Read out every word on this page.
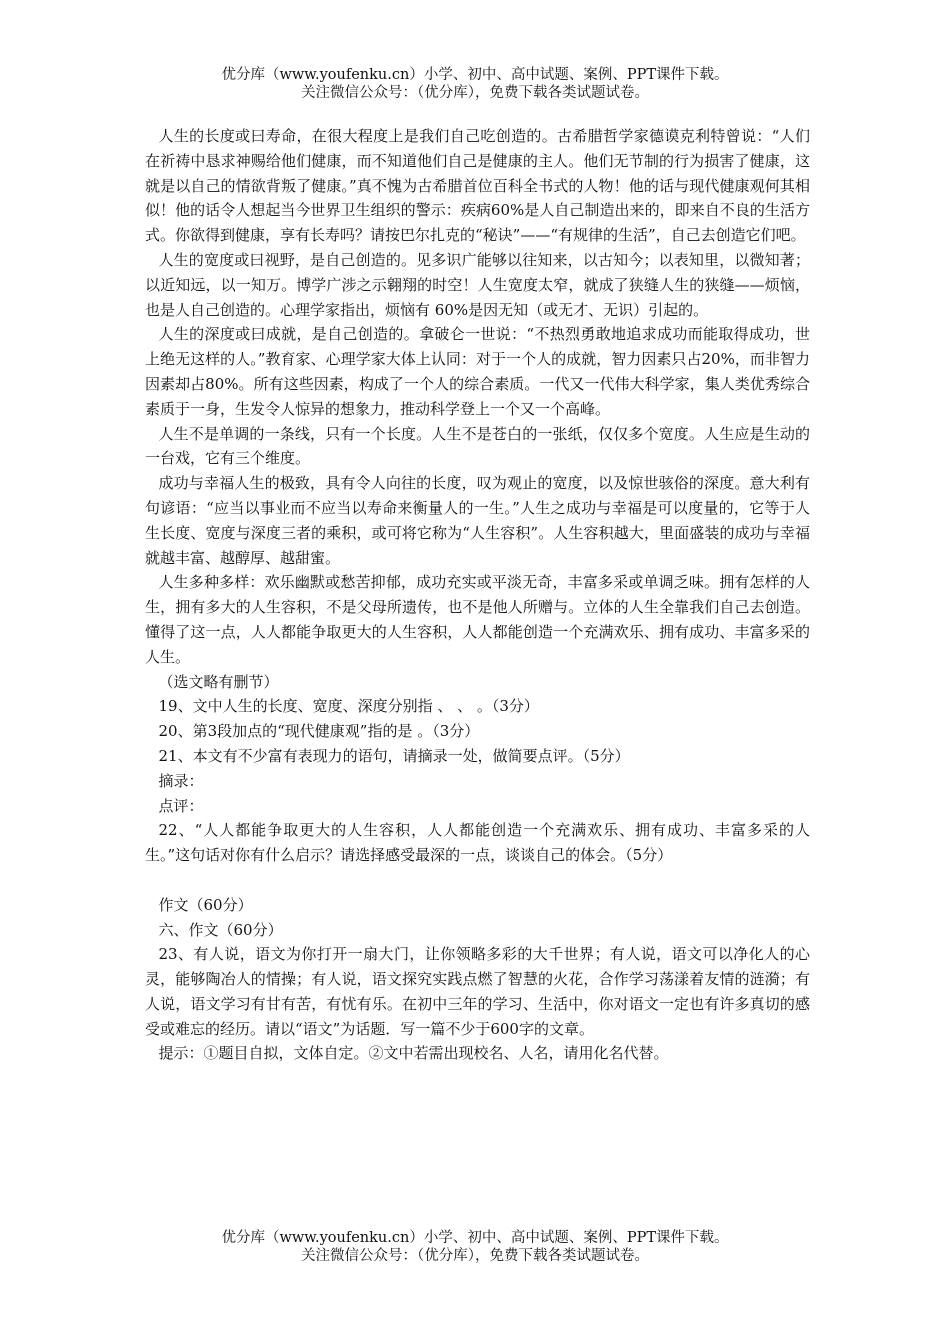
优分库（www.youfenku.cn）小学、初中、高中试题、案例、PPT课件下载。
关注微信公众号：（优分库），免费下载各类试题试卷。

人生的长度或曰寿命，在很大程度上是我们自己吃创造的。古希腊哲学家德谟克利特曾说：“人们在祈祷中恳求神赐给他们健康，而不知道他们自己是健康的主人。他们无节制的行为损害了健康，这就是以自己的情欲背叛了健康。”真不愧为古希腊首位百科全书式的人物！他的话与现代健康观何其相似！他的话令人想起当今世界卫生组织的警示：疾病60%是人自己制造出来的，即来自不良的生活方式。你欲得到健康，享有长寿吗？请按巴尔扎克的“秘诀”——“有规律的生活”，自己去创造它们吧。

人生的宽度或曰视野，是自己创造的。见多识广能够以往知来，以古知今；以表知里，以微知著；以近知远，以一知万。博学广涉之示翱翔的时空！人生宽度太窄，就成了狭缝人生的狭缝——烦恼，也是人自己创造的。心理学家指出，烦恼有 60%是因无知（或无才、无识）引起的。

人生的深度或曰成就，是自己创造的。拿破仑一世说：“不热烈勇敢地追求成功而能取得成功，世上绝无这样的人。”教育家、心理学家大体上认同：对于一个人的成就，智力因素只占20%，而非智力因素却占80%。所有这些因素，构成了一个人的综合素质。一代又一代伟大科学家，集人类优秀综合素质于一身，生发令人惊异的想象力，推动科学登上一个又一个高峰。

人生不是单调的一条线，只有一个长度。人生不是苍白的一张纸，仅仅多个宽度。人生应是生动的一台戏，它有三个维度。

成功与幸福人生的极致，具有令人向往的长度，叹为观止的宽度，以及惊世骇俗的深度。意大利有句谚语：“应当以事业而不应当以寿命来衡量人的一生。”人生之成功与幸福是可以度量的，它等于人生长度、宽度与深度三者的乘积，或可将它称为“人生容积”。人生容积越大，里面盛装的成功与幸福就越丰富、越醇厚、越甜蜜。

人生多种多样：欢乐幽默或愁苦抑郁，成功充实或平淡无奇，丰富多采或单调乏味。拥有怎样的人生，拥有多大的人生容积，不是父母所遗传，也不是他人所赠与。立体的人生全靠我们自己去创造。懂得了这一点，人人都能争取更大的人生容积，人人都能创造一个充满欢乐、拥有成功、丰富多采的人生。

（选文略有删节）

19、文中人生的长度、宽度、深度分别指 、 、 。（3分）

20、第3段加点的“现代健康观”指的是 。（3分）

21、本文有不少富有表现力的语句，请摘录一处，做简要点评。（5分）

摘录：

点评：

22、“人人都能争取更大的人生容积，人人都能创造一个充满欢乐、拥有成功、丰富多采的人生。”这句话对你有什么启示？请选择感受最深的一点，谈谈自己的体会。（5分）

作文（60分）

六、作文（60分）

23、有人说，语文为你打开一扇大门，让你领略多彩的大千世界；有人说，语文可以净化人的心灵，能够陶冶人的情操；有人说，语文探究实践点燃了智慧的火花，合作学习荡漾着友情的涟漪；有人说，语文学习有甘有苦，有忧有乐。在初中三年的学习、生活中，你对语文一定也有许多真切的感受或难忘的经历。请以“语文”为话题．写一篇不少于600字的文章。

提示：①题目自拟，文体自定。②文中若需出现校名、人名，请用化名代替。

优分库（www.youfenku.cn）小学、初中、高中试题、案例、PPT课件下载。
关注微信公众号：（优分库），免费下载各类试题试卷。
